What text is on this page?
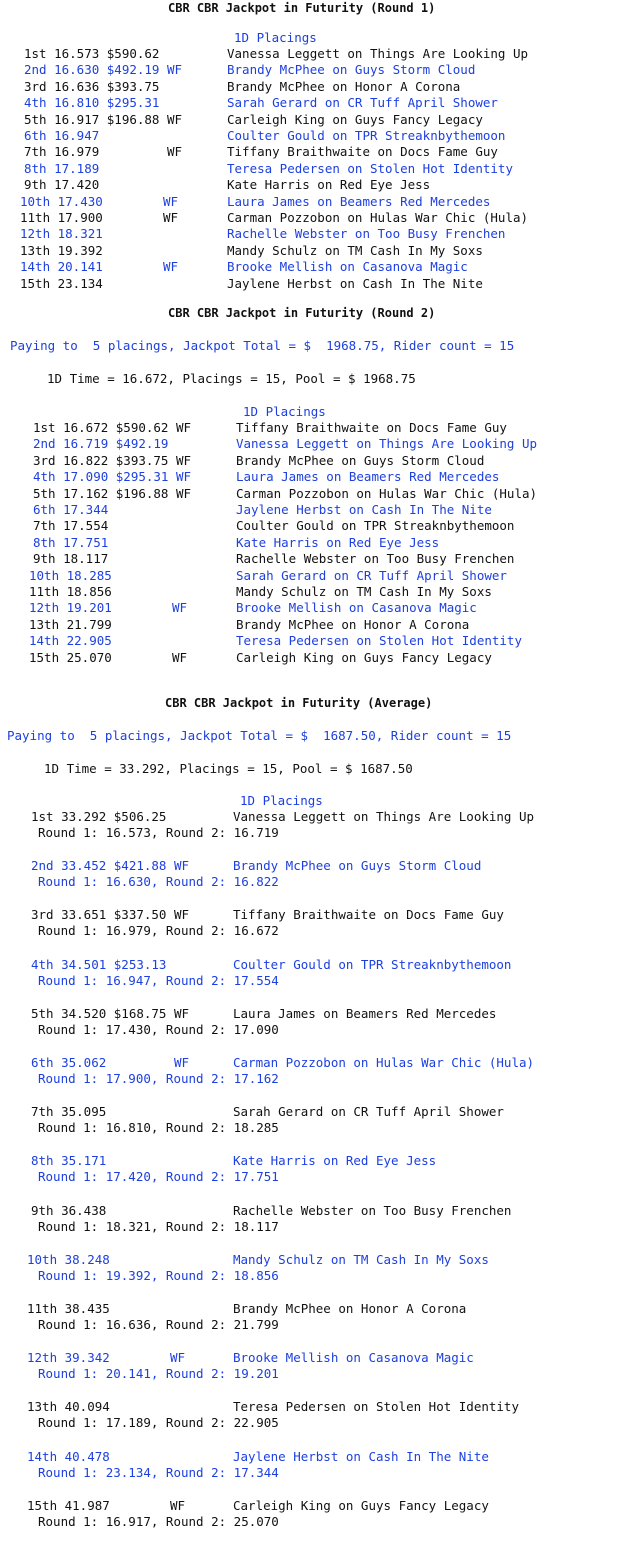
CBR CBR Jackpot in Futurity (Round 1)
1D Placings
1st 16.573 $590.62	Vanessa Leggett on Things Are Looking Up
2nd 16.630 $492.19 WF	Brandy McPhee on Guys Storm Cloud
3rd 16.636 $393.75	Brandy McPhee on Honor A Corona
4th 16.810 $295.31	Sarah Gerard on CR Tuff April Shower
5th 16.917 $196.88 WF	Carleigh King on Guys Fancy Legacy
6th 16.947	Coulter Gould on TPR Streaknbythemoon
7th 16.979         WF	Tiffany Braithwaite on Docs Fame Guy
8th 17.189	Teresa Pedersen on Stolen Hot Identity
9th 17.420	Kate Harris on Red Eye Jess
10th 17.430        WF	Laura James on Beamers Red Mercedes
11th 17.900        WF	Carman Pozzobon on Hulas War Chic (Hula)
12th 18.321	Rachelle Webster on Too Busy Frenchen
13th 19.392	Mandy Schulz on TM Cash In My Soxs
14th 20.141        WF	Brooke Mellish on Casanova Magic
15th 23.134	Jaylene Herbst on Cash In The Nite
CBR CBR Jackpot in Futurity (Round 2)
Paying to  5 placings, Jackpot Total = $  1968.75, Rider count = 15
1D Time = 16.672, Placings = 15, Pool = $ 1968.75
1D Placings
1st 16.672 $590.62 WF	Tiffany Braithwaite on Docs Fame Guy
2nd 16.719 $492.19	Vanessa Leggett on Things Are Looking Up
3rd 16.822 $393.75 WF	Brandy McPhee on Guys Storm Cloud
4th 17.090 $295.31 WF	Laura James on Beamers Red Mercedes
5th 17.162 $196.88 WF	Carman Pozzobon on Hulas War Chic (Hula)
6th 17.344	Jaylene Herbst on Cash In The Nite
7th 17.554	Coulter Gould on TPR Streaknbythemoon
8th 17.751	Kate Harris on Red Eye Jess
9th 18.117	Rachelle Webster on Too Busy Frenchen
10th 18.285	Sarah Gerard on CR Tuff April Shower
11th 18.856	Mandy Schulz on TM Cash In My Soxs
12th 19.201        WF	Brooke Mellish on Casanova Magic
13th 21.799	Brandy McPhee on Honor A Corona
14th 22.905	Teresa Pedersen on Stolen Hot Identity
15th 25.070        WF	Carleigh King on Guys Fancy Legacy
CBR CBR Jackpot in Futurity (Average)
Paying to  5 placings, Jackpot Total = $  1687.50, Rider count = 15
1D Time = 33.292, Placings = 15, Pool = $ 1687.50
1D Placings
1st 33.292 $506.25	Vanessa Leggett on Things Are Looking Up
Round 1: 16.573, Round 2: 16.719
2nd 33.452 $421.88 WF	Brandy McPhee on Guys Storm Cloud
Round 1: 16.630, Round 2: 16.822
3rd 33.651 $337.50 WF	Tiffany Braithwaite on Docs Fame Guy
Round 1: 16.979, Round 2: 16.672
4th 34.501 $253.13	Coulter Gould on TPR Streaknbythemoon
Round 1: 16.947, Round 2: 17.554
5th 34.520 $168.75 WF	Laura James on Beamers Red Mercedes
Round 1: 17.430, Round 2: 17.090
6th 35.062         WF	Carman Pozzobon on Hulas War Chic (Hula)
Round 1: 17.900, Round 2: 17.162
7th 35.095	Sarah Gerard on CR Tuff April Shower
Round 1: 16.810, Round 2: 18.285
8th 35.171	Kate Harris on Red Eye Jess
Round 1: 17.420, Round 2: 17.751
9th 36.438	Rachelle Webster on Too Busy Frenchen
Round 1: 18.321, Round 2: 18.117
10th 38.248	Mandy Schulz on TM Cash In My Soxs
Round 1: 19.392, Round 2: 18.856
11th 38.435	Brandy McPhee on Honor A Corona
Round 1: 16.636, Round 2: 21.799
12th 39.342        WF	Brooke Mellish on Casanova Magic
Round 1: 20.141, Round 2: 19.201
13th 40.094	Teresa Pedersen on Stolen Hot Identity
Round 1: 17.189, Round 2: 22.905
14th 40.478	Jaylene Herbst on Cash In The Nite
Round 1: 23.134, Round 2: 17.344
15th 41.987        WF	Carleigh King on Guys Fancy Legacy
Round 1: 16.917, Round 2: 25.070
